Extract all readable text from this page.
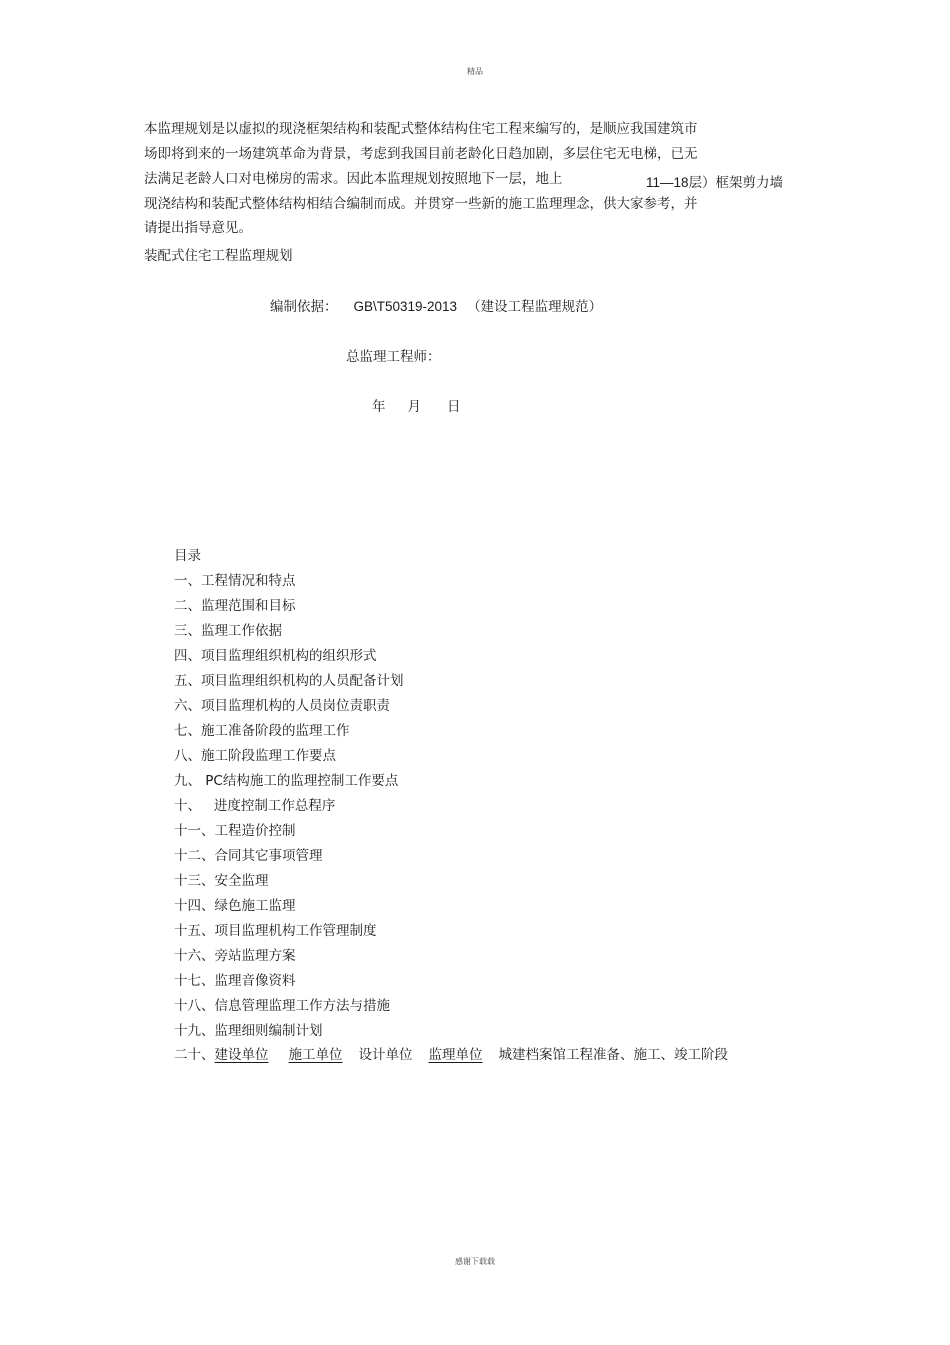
精品
本监理规划是以虚拟的现浇框架结构和装配式整体结构住宅工程来编写的，是顺应我国建筑市
场即将到来的一场建筑革命为背景，考虑到我国目前老龄化日趋加剧，多层住宅无电梯，已无
法满足老龄人口对电梯房的需求。因此本监理规划按照地下一层，地上	11—18层）框架剪力墙
现浇结构和装配式整体结构相结合编制而成。并贯穿一些新的施工监理理念，供大家参考，并
请提出指导意见。
装配式住宅工程监理规划
编制依据： GB\T50319-2013 （建设工程监理规范）
总监理工程师：
年 月 日
目录
一、工程情况和特点
二、监理范围和目标
三、监理工作依据
四、项目监理组织机构的组织形式
五、项目监理组织机构的人员配备计划
六、项目监理机构的人员岗位责职责
七、施工准备阶段的监理工作
八、施工阶段监理工作要点
九、 PC结构施工的监理控制工作要点
十、   进度控制工作总程序
十一、工程造价控制
十二、合同其它事项管理
十三、安全监理
十四、绿色施工监理
十五、项目监理机构工作管理制度
十六、旁站监理方案
十七、监理音像资料
十八、信息管理监理工作方法与措施
十九、监理细则编制计划
二十、建设单位 施工单位 设计单位 监理单位 城建档案馆工程准备、施工、竣工阶段
感谢下载载
